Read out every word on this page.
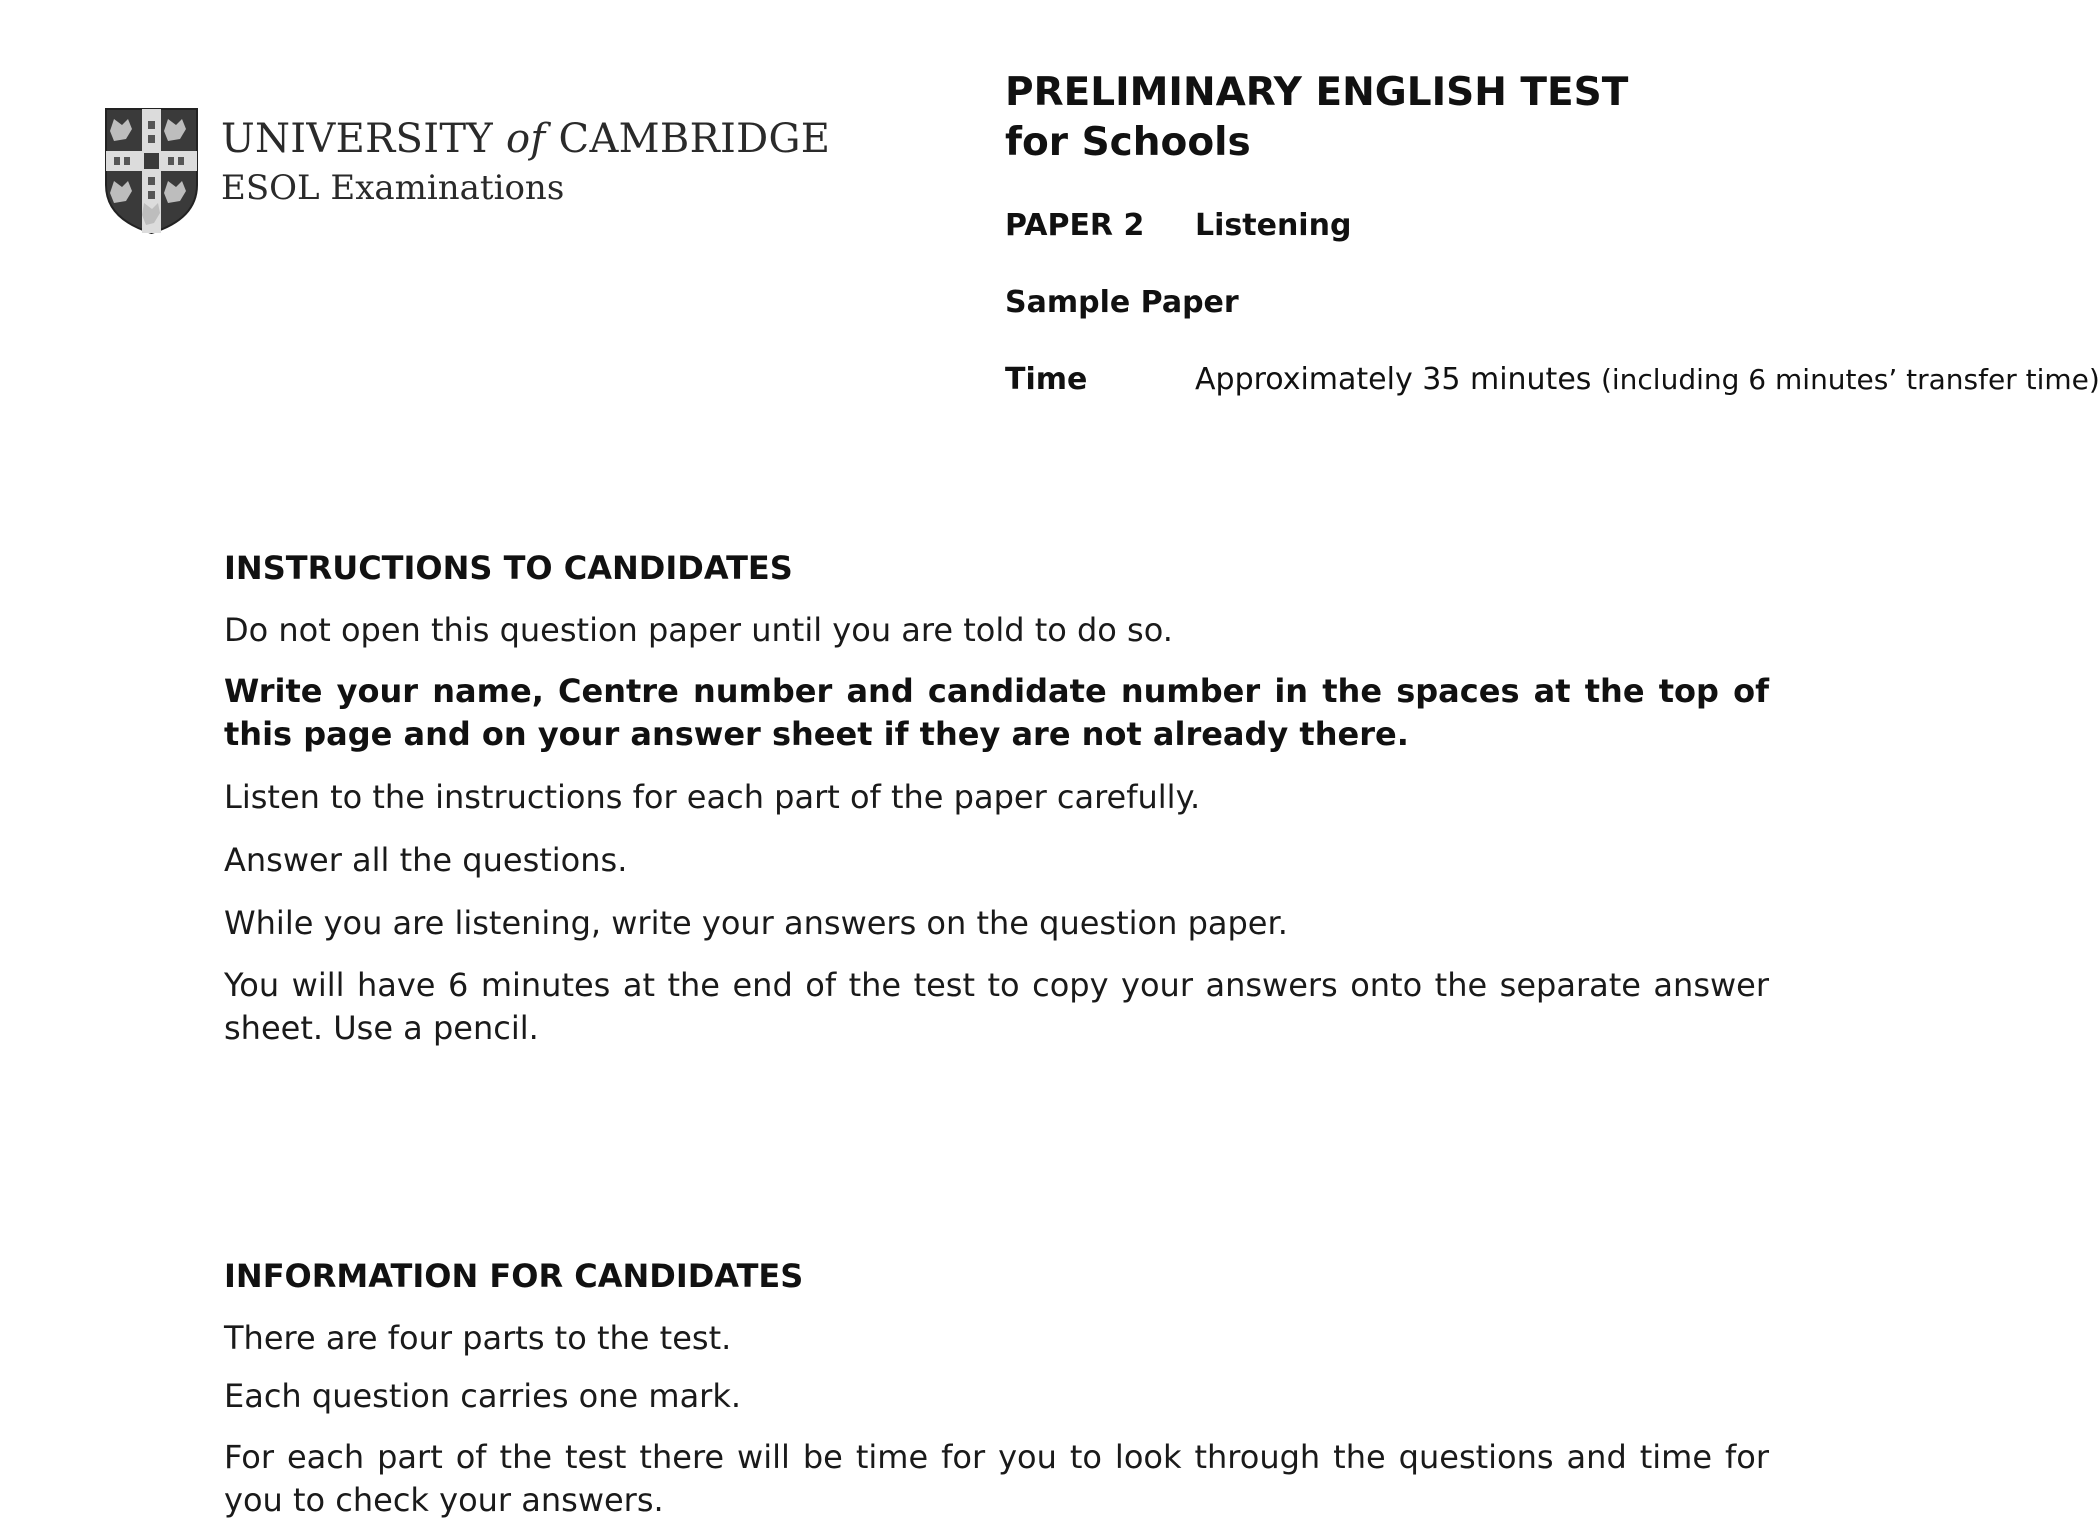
UNIVERSITY of CAMBRIDGE
ESOL Examinations
PRELIMINARY ENGLISH TEST
for Schools
PAPER 2 Listening
Sample Paper
Time	Approximately 35 minutes (including 6 minutes’ transfer time)
INSTRUCTIONS TO CANDIDATES
Do not open this question paper until you are told to do so.
Write your name, Centre number and candidate number in the spaces at the top of this page and on your answer sheet if they are not already there.
Listen to the instructions for each part of the paper carefully.
Answer all the questions.
While you are listening, write your answers on the question paper.
You will have 6 minutes at the end of the test to copy your answers onto the separate answer sheet. Use a pencil.
INFORMATION FOR CANDIDATES
There are four parts to the test.
Each question carries one mark.
For each part of the test there will be time for you to look through the questions and time for you to check your answers.
